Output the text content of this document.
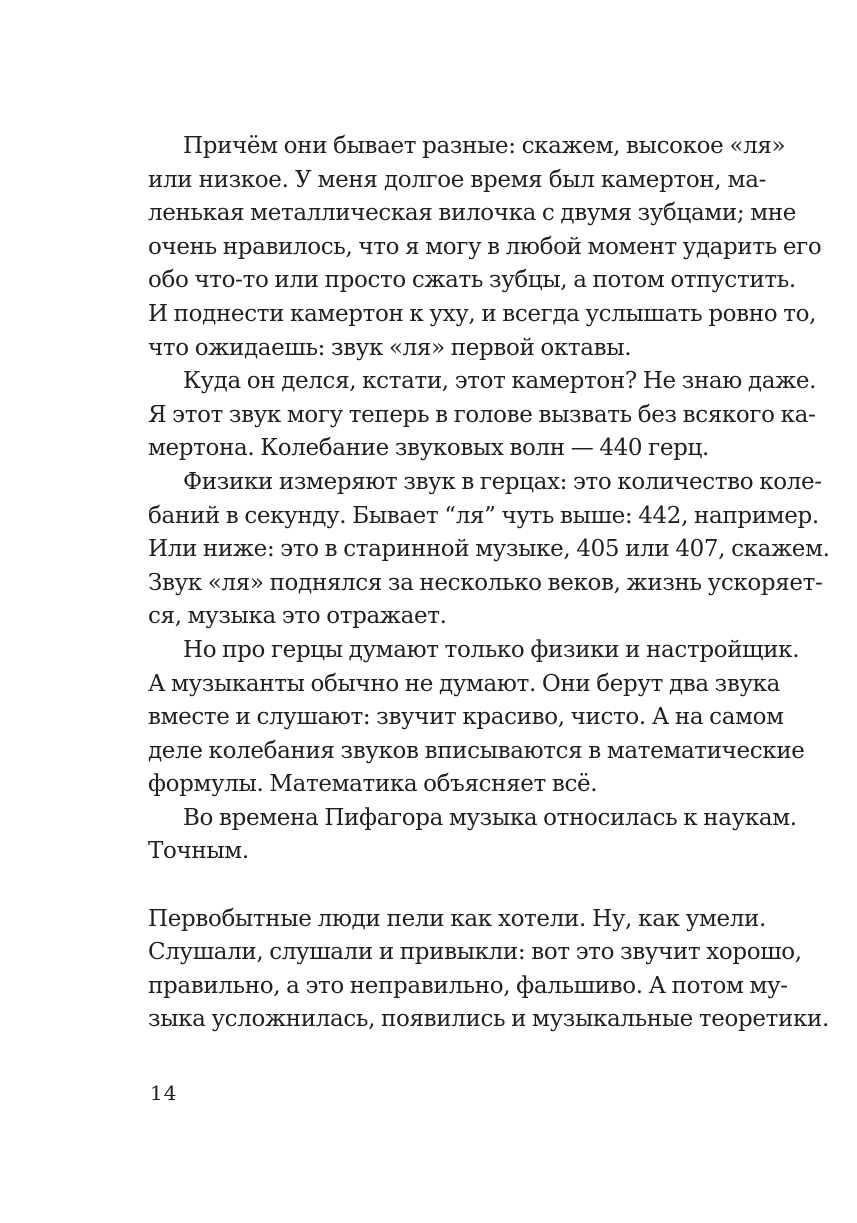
Причём они бывает разные: скажем, высокое «ля»
или низкое. У меня долгое время был камертон, ма-
ленькая металлическая вилочка с двумя зубцами; мне
очень нравилось, что я могу в любой момент ударить его
обо что-то или просто сжать зубцы, а потом отпустить.
И поднести камертон к уху, и всегда услышать ровно то,
что ожидаешь: звук «ля» первой октавы.

Куда он делся, кстати, этот камертон? Не знаю даже.
Я этот звук могу теперь в голове вызвать без всякого ка-
мертона. Колебание звуковых волн — 440 герц.

Физики измеряют звук в герцах: это количество коле-
баний в секунду. Бывает “ля” чуть выше: 442, например.
Или ниже: это в старинной музыке, 405 или 407, скажем.
Звук «ля» поднялся за несколько веков, жизнь ускоряет-
ся, музыка это отражает.

Но про герцы думают только физики и настройщик.
А музыканты обычно не думают. Они берут два звука
вместе и слушают: звучит красиво, чисто. А на самом
деле колебания звуков вписываются в математические
формулы. Математика объясняет всё.

Во времена Пифагора музыка относилась к наукам.
Точным.

Первобытные люди пели как хотели. Ну, как умели.
Слушали, слушали и привыкли: вот это звучит хорошо,
правильно, а это неправильно, фальшиво. А потом му-
зыка усложнилась, появились и музыкальные теоретики.

14
